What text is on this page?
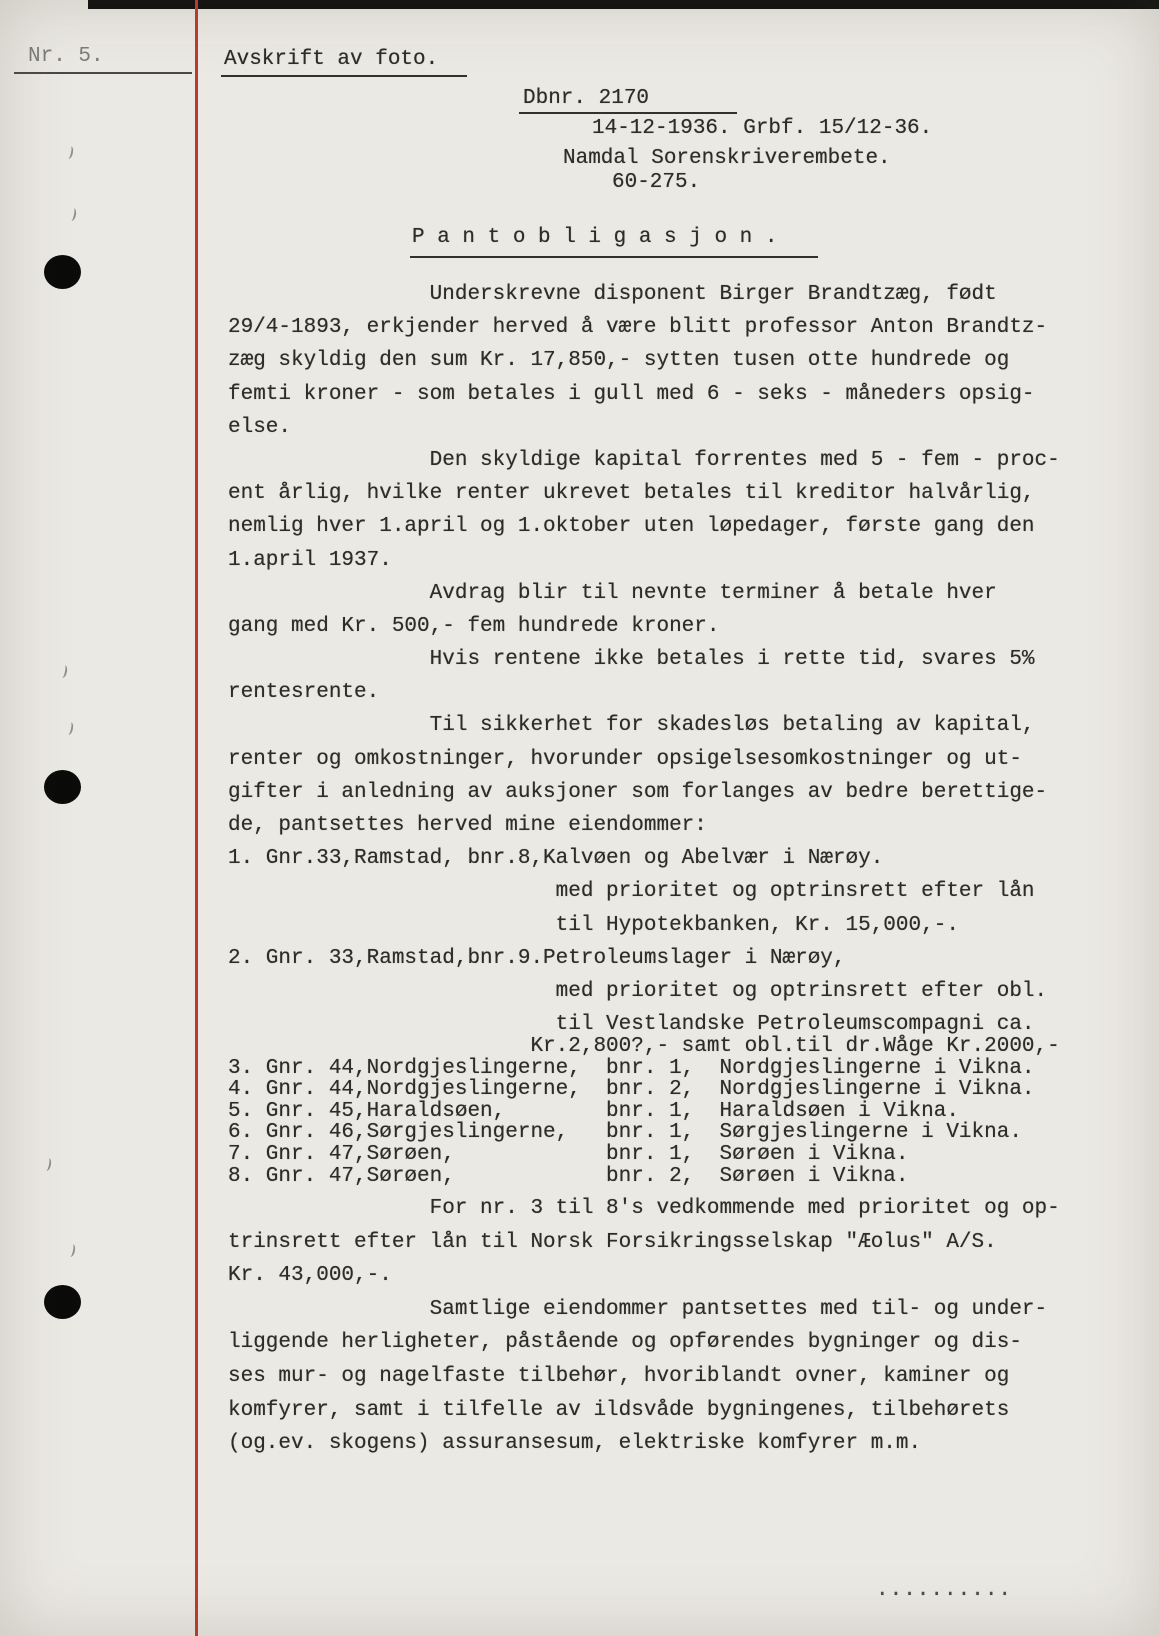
Nr. 5.	Avskrift av foto.
Dbnr. 2170
14-12-1936. Grbf. 15/12-36.
Namdal Sorenskriverembete.
60-275.
P a n t o b l i g a s j o n .
Underskrevne disponent Birger Brandtzæg, født
29/4-1893, erkjender herved å være blitt professor Anton Brandtz-
zæg skyldig den sum Kr. 17,850,- sytten tusen otte hundrede og
femti kroner - som betales i gull med 6 - seks - måneders opsig-
else.
Den skyldige kapital forrentes med 5 - fem - proc-
ent årlig, hvilke renter ukrevet betales til kreditor halvårlig,
nemlig hver 1.april og 1.oktober uten løpedager, første gang den
1.april 1937.
Avdrag blir til nevnte terminer å betale hver
gang med Kr. 500,- fem hundrede kroner.
Hvis rentene ikke betales i rette tid, svares 5%
rentesrente.
Til sikkerhet for skadesløs betaling av kapital,
renter og omkostninger, hvorunder opsigelsesomkostninger og ut-
gifter i anledning av auksjoner som forlanges av bedre berettige-
de, pantsettes herved mine eiendommer:
1. Gnr.33,Ramstad, bnr.8,Kalvøen og Abelvær i Nærøy.
med prioritet og optrinsrett efter lån
til Hypotekbanken, Kr. 15,000,-.
2. Gnr. 33,Ramstad,bnr.9.Petroleumslager i Nærøy,
med prioritet og optrinsrett efter obl.
til Vestlandske Petroleumscompagni ca.
Kr.2,800?,- samt obl.til dr.Wåge Kr.2000,-
3. Gnr. 44,Nordgjeslingerne,  bnr. 1,  Nordgjeslingerne i Vikna.
4. Gnr. 44,Nordgjeslingerne,  bnr. 2,  Nordgjeslingerne i Vikna.
5. Gnr. 45,Haraldsøen,        bnr. 1,  Haraldsøen i Vikna.
6. Gnr. 46,Sørgjeslingerne,   bnr. 1,  Sørgjeslingerne i Vikna.
7. Gnr. 47,Sørøen,            bnr. 1,  Sørøen i Vikna.
8. Gnr. 47,Sørøen,            bnr. 2,  Sørøen i Vikna.
For nr. 3 til 8's vedkommende med prioritet og op-
trinsrett efter lån til Norsk Forsikringsselskap "Æolus" A/S.
Kr. 43,000,-.
Samtlige eiendommer pantsettes med til- og under-
liggende herligheter, påstående og opførendes bygninger og dis-
ses mur- og nagelfaste tilbehør, hvoriblandt ovner, kaminer og
komfyrer, samt i tilfelle av ildsvåde bygningenes, tilbehørets
(og.ev. skogens) assuransesum, elektriske komfyrer m.m.
..........
